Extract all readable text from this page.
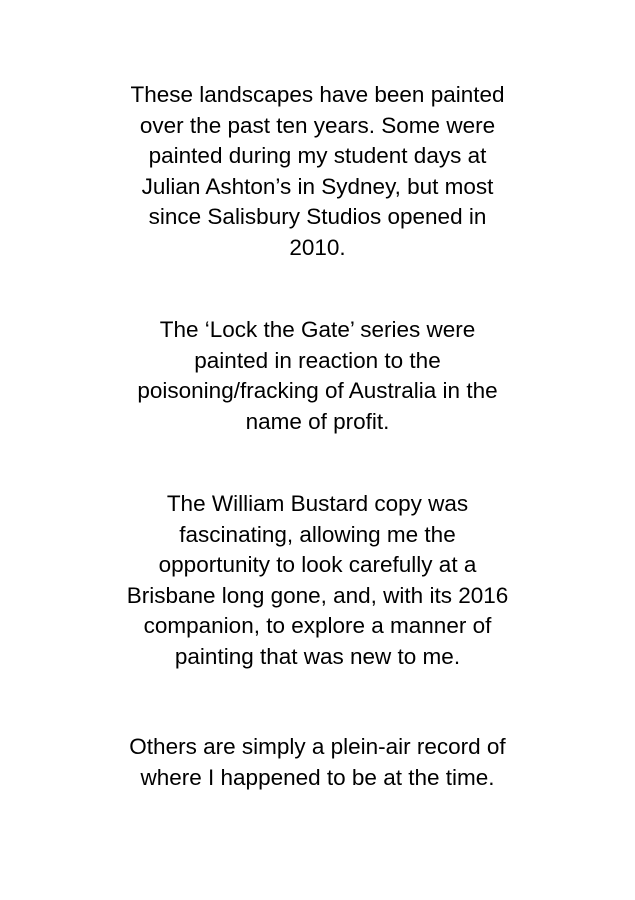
These landscapes have been painted
over the past ten years. Some were
painted during my student days at
Julian Ashton’s in Sydney, but most
since Salisbury Studios opened in
2010.

The ‘Lock the Gate’ series were
painted in reaction to the
poisoning/fracking of Australia in the
name of profit.

The William Bustard copy was
fascinating, allowing me the
opportunity to look carefully at a
Brisbane long gone, and, with its 2016
companion, to explore a manner of
painting that was new to me.

Others are simply a plein-air record of
where I happened to be at the time.
